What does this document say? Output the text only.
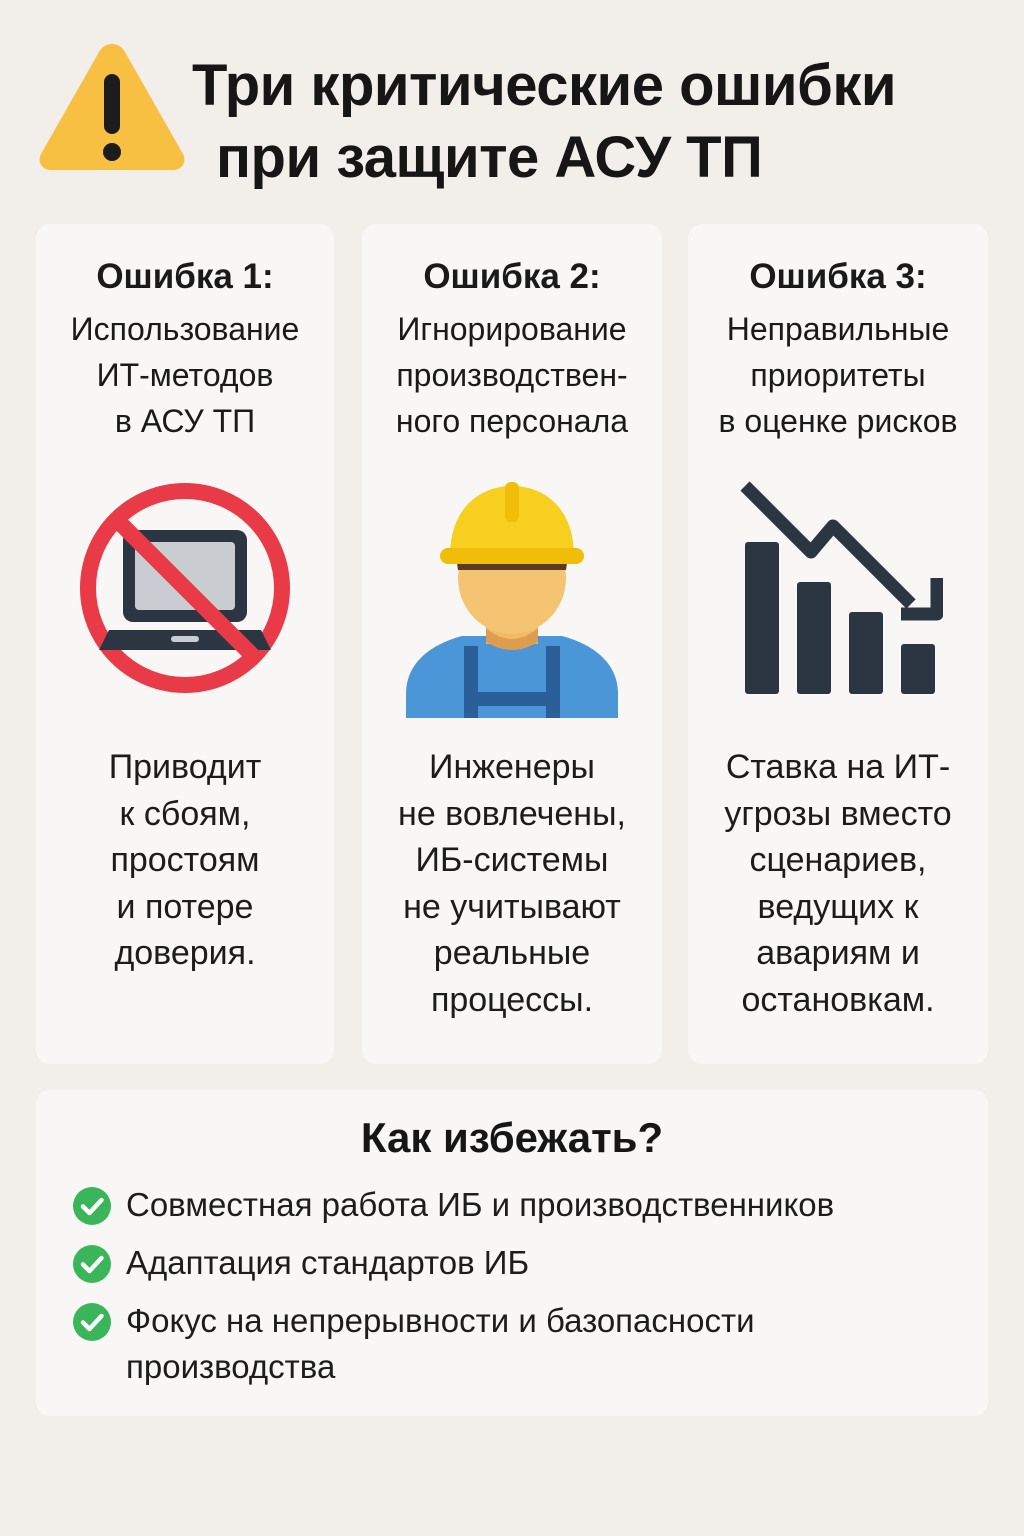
Три критические ошибки
при защите АСУ ТП
Ошибка 1:
Использование
ИТ-методов
в АСУ ТП
Приводит
к сбоям,
простоям
и потере
доверия.
Ошибка 2:
Игнорирование
производствен-
ного персонала
Инженеры
не вовлечены,
ИБ-системы
не учитывают
реальные
процессы.
Ошибка 3:
Неправильные
приоритеты
в оценке рисков
Ставка на ИТ-
угрозы вместо
сценариев,
ведущих к
авариям и
остановкам.
Как избежать?
Совместная работа ИБ и производственников
Адаптация стандартов ИБ
Фокус на непрерывности и базопасности производства
